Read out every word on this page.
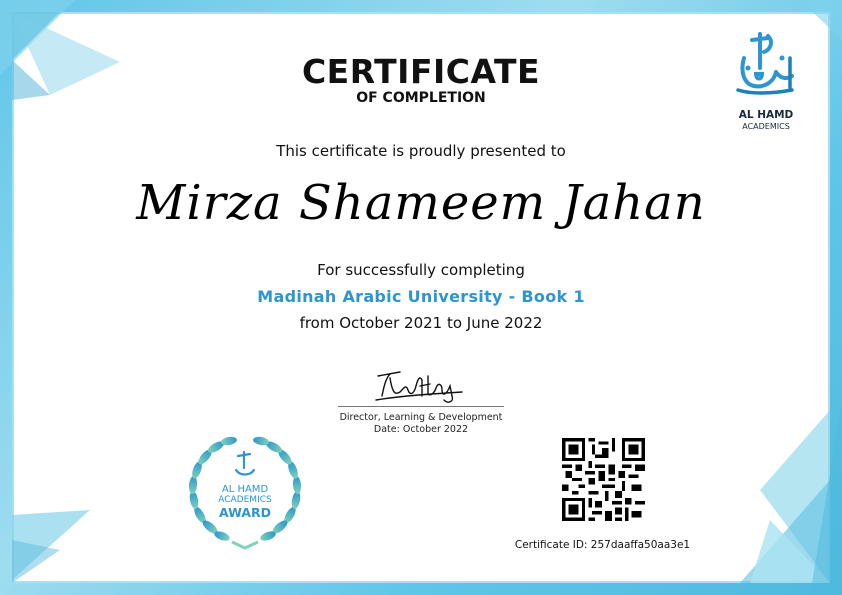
CERTIFICATE
OF COMPLETION
This certificate is proudly presented to
Mirza Shameem Jahan
For successfully completing
Madinah Arabic University - Book 1
from October 2021 to June 2022
Director, Learning & Development
Date: October 2022
AL HAMD
ACADEMICS
AL HAMD
ACADEMICS
AWARD
Certificate ID: 257daaffa50aa3e1
